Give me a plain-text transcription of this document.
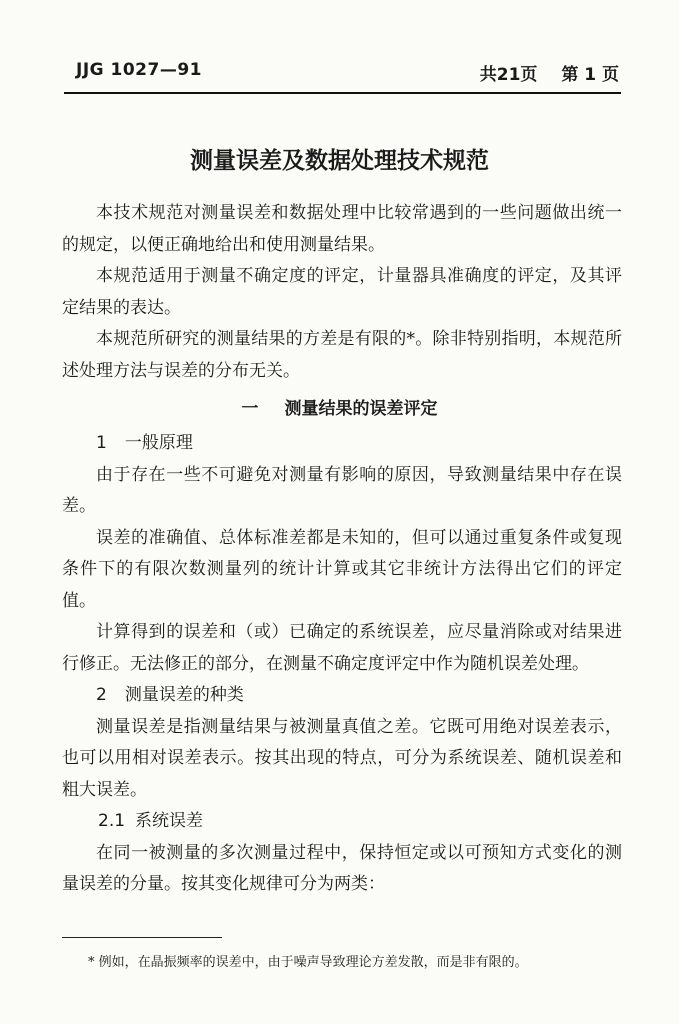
JJG 1027—91	共21页 第 1 页
测量误差及数据处理技术规范

本技术规范对测量误差和数据处理中比较常遇到的一些问题做出统一的规定，以便正确地给出和使用测量结果。

本规范适用于测量不确定度的评定，计量器具准确度的评定，及其评定结果的表达。

本规范所研究的测量结果的方差是有限的*。除非特别指明，本规范所述处理方法与误差的分布无关。

一 测量结果的误差评定

1 一般原理

由于存在一些不可避免对测量有影响的原因，导致测量结果中存在误差。

误差的准确值、总体标准差都是未知的，但可以通过重复条件或复现条件下的有限次数测量列的统计计算或其它非统计方法得出它们的评定值。

计算得到的误差和（或）已确定的系统误差，应尽量消除或对结果进行修正。无法修正的部分，在测量不确定度评定中作为随机误差处理。

2 测量误差的种类

测量误差是指测量结果与被测量真值之差。它既可用绝对误差表示，也可以用相对误差表示。按其出现的特点，可分为系统误差、随机误差和粗大误差。

2.1 系统误差

在同一被测量的多次测量过程中，保持恒定或以可预知方式变化的测量误差的分量。按其变化规律可分为两类：

* 例如，在晶振频率的误差中，由于噪声导致理论方差发散，而是非有限的。
